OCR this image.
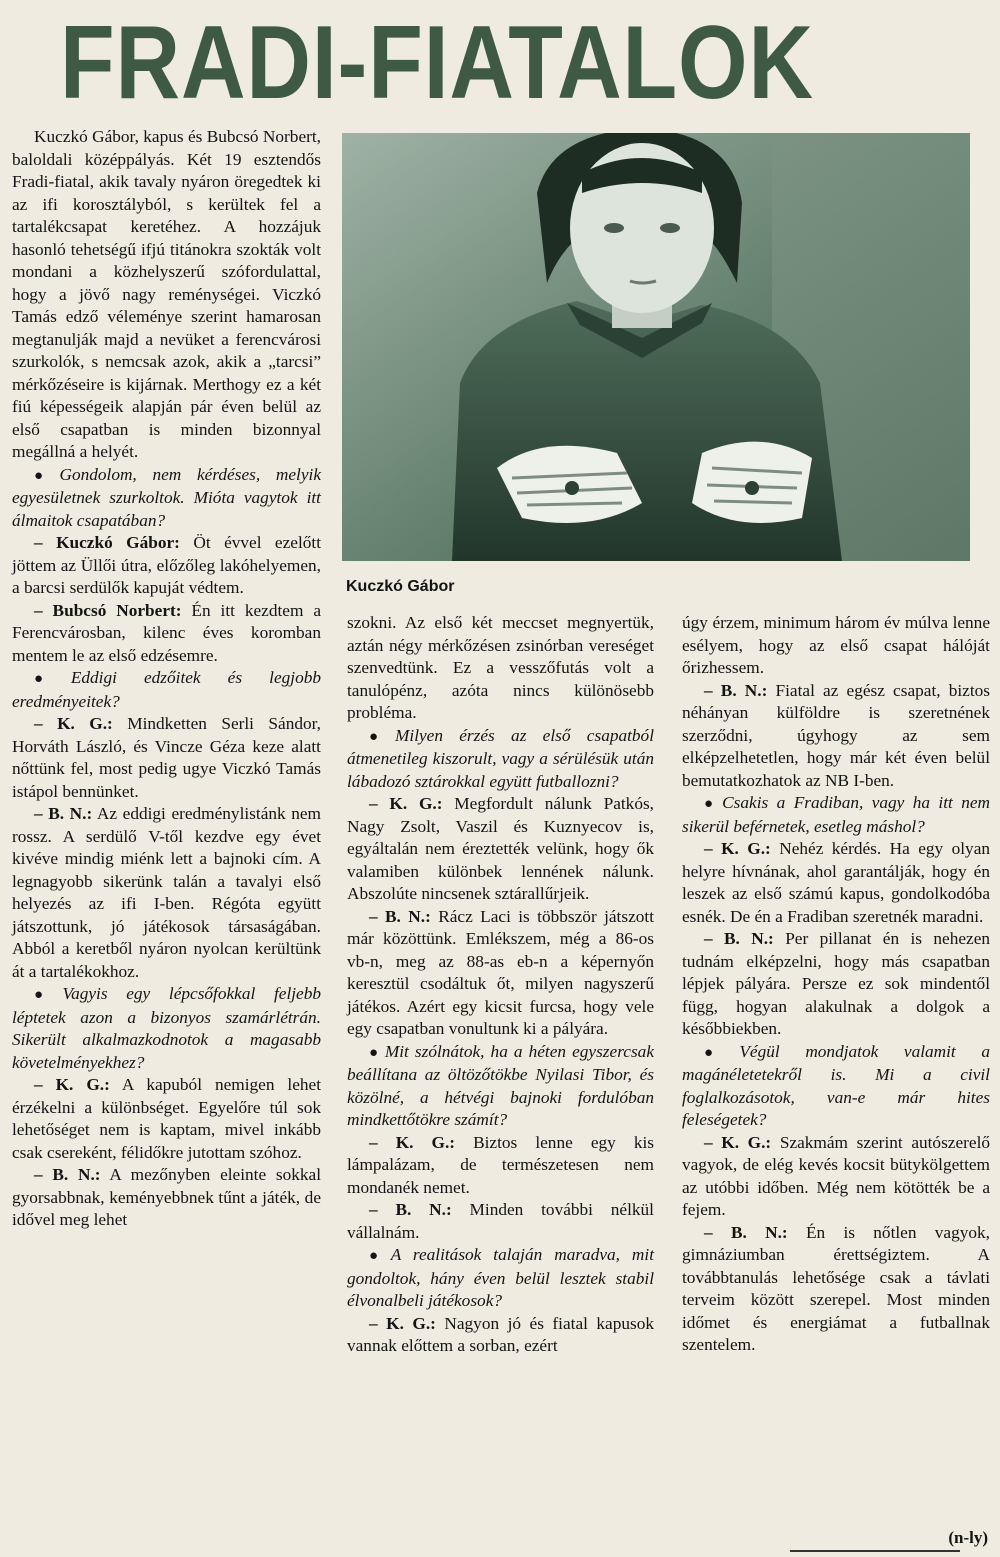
FRADI-FIATALOK

Kuczkó Gábor, kapus és Bubcsó Norbert, baloldali középpályás. Két 19 esztendős Fradi-fiatal, akik tavaly nyáron öregedtek ki az ifi korosztályból, s kerültek fel a tartalékcsapat keretéhez. A hozzájuk hasonló tehetségű ifjú titánokra szokták volt mondani a közhelyszerű szófordulattal, hogy a jövő nagy reménységei. Viczkó Tamás edző véleménye szerint hamarosan megtanulják majd a nevüket a ferencvárosi szurkolók, s nemcsak azok, akik a „tarcsi” mérkőzéseire is kijárnak. Merthogy ez a két fiú képességeik alapján pár éven belül az első csapatban is minden bizonnyal megállná a helyét.

● Gondolom, nem kérdéses, melyik egyesületnek szurkoltok. Mióta vagytok itt álmaitok csapatában?

– Kuczkó Gábor: Öt évvel ezelőtt jöttem az Üllői útra, előzőleg lakóhelyemen, a barcsi serdülők kapuját védtem.

– Bubcsó Norbert: Én itt kezdtem a Ferencvárosban, kilenc éves koromban mentem le az első edzésemre.

● Eddigi edzőitek és legjobb eredményeitek?

– K. G.: Mindketten Serli Sándor, Horváth László, és Vincze Géza keze alatt nőttünk fel, most pedig ugye Viczkó Tamás istápol bennünket.

– B. N.: Az eddigi eredménylistánk nem rossz. A serdülő V-től kezdve egy évet kivéve mindig miénk lett a bajnoki cím. A legnagyobb sikerünk talán a tavalyi első helyezés az ifi I-ben. Régóta együtt játszottunk, jó játékosok társaságában. Abból a keretből nyáron nyolcan kerültünk át a tartalékokhoz.

● Vagyis egy lépcsőfokkal feljebb léptetek azon a bizonyos szamárlétrán. Sikerült alkalmazkodnotok a magasabb követelményekhez?

– K. G.: A kapuból nemigen lehet érzékelni a különbséget. Egyelőre túl sok lehetőséget nem is kaptam, mivel inkább csak csereként, félidőkre jutottam szóhoz.

– B. N.: A mezőnyben eleinte sokkal gyorsabbnak, keményebbnek tűnt a játék, de idővel meg lehet

Kuczkó Gábor

szokni. Az első két meccset megnyertük, aztán négy mérkőzésen zsinórban vereséget szenvedtünk. Ez a vesszőfutás volt a tanulópénz, azóta nincs különösebb probléma.

● Milyen érzés az első csapatból átmenetileg kiszorult, vagy a sérülésük után lábadozó sztárokkal együtt futballozni?

– K. G.: Megfordult nálunk Patkós, Nagy Zsolt, Vaszil és Kuznyecov is, egyáltalán nem éreztették velünk, hogy ők valamiben különbek lennének nálunk. Abszolúte nincsenek sztárallűrjeik.

– B. N.: Rácz Laci is többször játszott már közöttünk. Emlékszem, még a 86-os vb-n, meg az 88-as eb-n a képernyőn keresztül csodáltuk őt, milyen nagyszerű játékos. Azért egy kicsit furcsa, hogy vele egy csapatban vonultunk ki a pályára.

● Mit szólnátok, ha a héten egyszercsak beállítana az öltözőtökbe Nyilasi Tibor, és közölné, a hétvégi bajnoki fordulóban mindkettőtökre számít?

– K. G.: Biztos lenne egy kis lámpalázam, de természetesen nem mondanék nemet.

– B. N.: Minden további nélkül vállalnám.

● A realitások talaján maradva, mit gondoltok, hány éven belül lesztek stabil élvonalbeli játékosok?

– K. G.: Nagyon jó és fiatal kapusok vannak előttem a sorban, ezért

úgy érzem, minimum három év múlva lenne esélyem, hogy az első csapat hálóját őrizhessem.

– B. N.: Fiatal az egész csapat, biztos néhányan külföldre is szeretnének szerződni, úgyhogy az sem elképzelhetetlen, hogy már két éven belül bemutatkozhatok az NB I-ben.

● Csakis a Fradiban, vagy ha itt nem sikerül beférnetek, esetleg máshol?

– K. G.: Nehéz kérdés. Ha egy olyan helyre hívnának, ahol garantálják, hogy én leszek az első számú kapus, gondolkodóba esnék. De én a Fradiban szeretnék maradni.

– B. N.: Per pillanat én is nehezen tudnám elképzelni, hogy más csapatban lépjek pályára. Persze ez sok mindentől függ, hogyan alakulnak a dolgok a későbbiekben.

● Végül mondjatok valamit a magánéletetekről is. Mi a civil foglalkozásotok, van-e már hites feleségetek?

– K. G.: Szakmám szerint autószerelő vagyok, de elég kevés kocsit bütykölgettem az utóbbi időben. Még nem kötötték be a fejem.

– B. N.: Én is nőtlen vagyok, gimnáziumban érettségiztem. A továbbtanulás lehetősége csak a távlati terveim között szerepel. Most minden időmet és energiámat a futballnak szentelem.

(n-ly)
